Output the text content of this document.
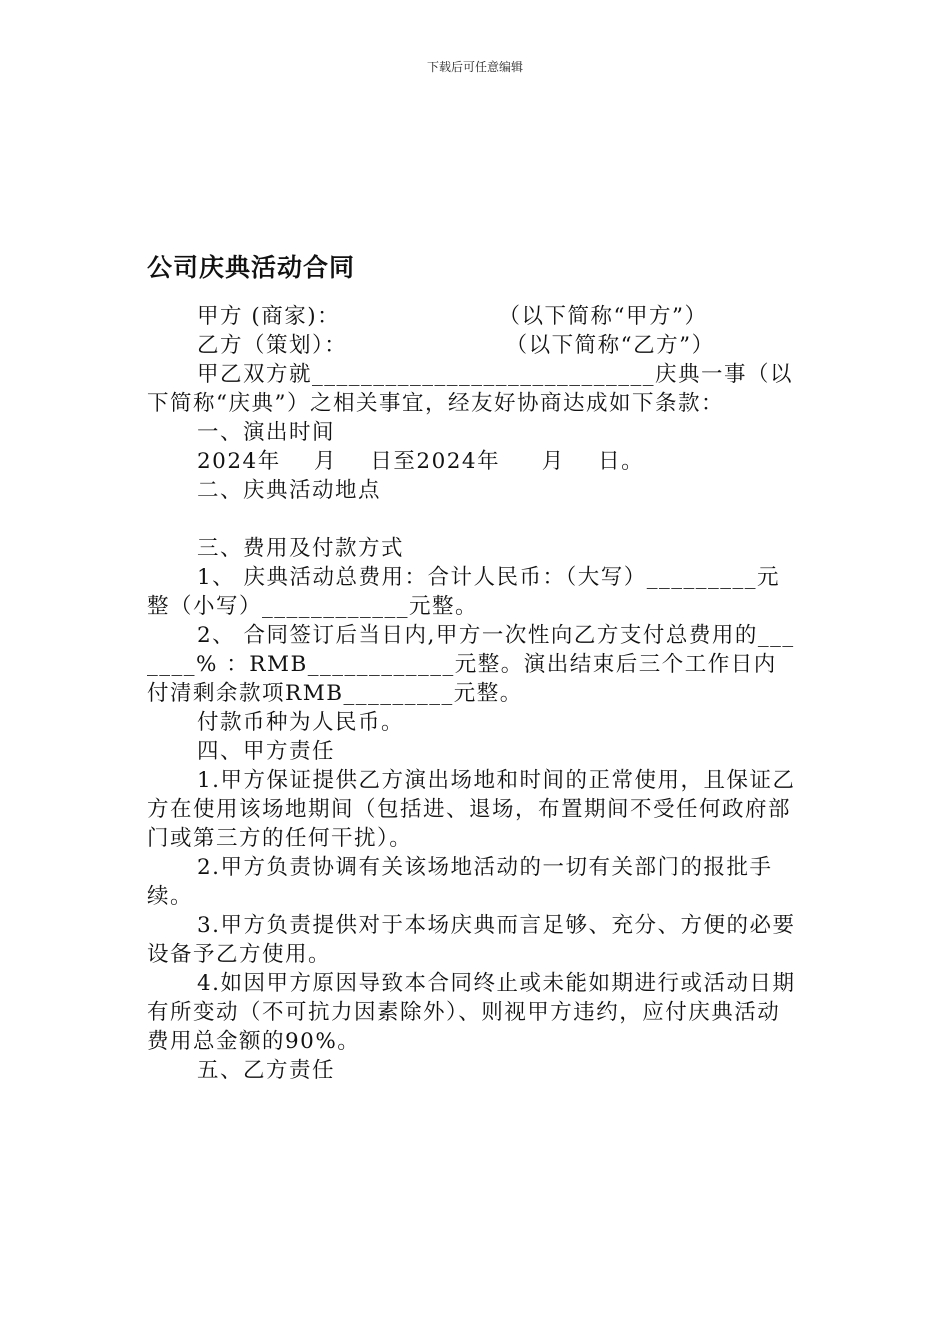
下载后可任意编辑
公司庆典活动合同

甲方 (商家)：                   （以下简称“甲方”）

乙方（策划）：                   （以下简称“乙方”）

甲乙双方就____________________________庆典一事（以下简称“庆典”）之相关事宜，经友好协商达成如下条款：

一、演出时间

2024年    月    日至2024年     月    日。

二、庆典活动地点

三、费用及付款方式

1、 庆典活动总费用：合计人民币：（大写）_________元整（小写）____________元整。

2、 合同签订后当日内,甲方一次性向乙方支付总费用的_______% ：RMB____________元整。演出结束后三个工作日内付清剩余款项RMB_________元整。

付款币种为人民币。

四、甲方责任

1.甲方保证提供乙方演出场地和时间的正常使用，且保证乙方在使用该场地期间（包括进、退场，布置期间不受任何政府部门或第三方的任何干扰）。

2.甲方负责协调有关该场地活动的一切有关部门的报批手续。

3.甲方负责提供对于本场庆典而言足够、充分、方便的必要设备予乙方使用。

4.如因甲方原因导致本合同终止或未能如期进行或活动日期有所变动（不可抗力因素除外）、则视甲方违约，应付庆典活动费用总金额的90%。

五、乙方责任
